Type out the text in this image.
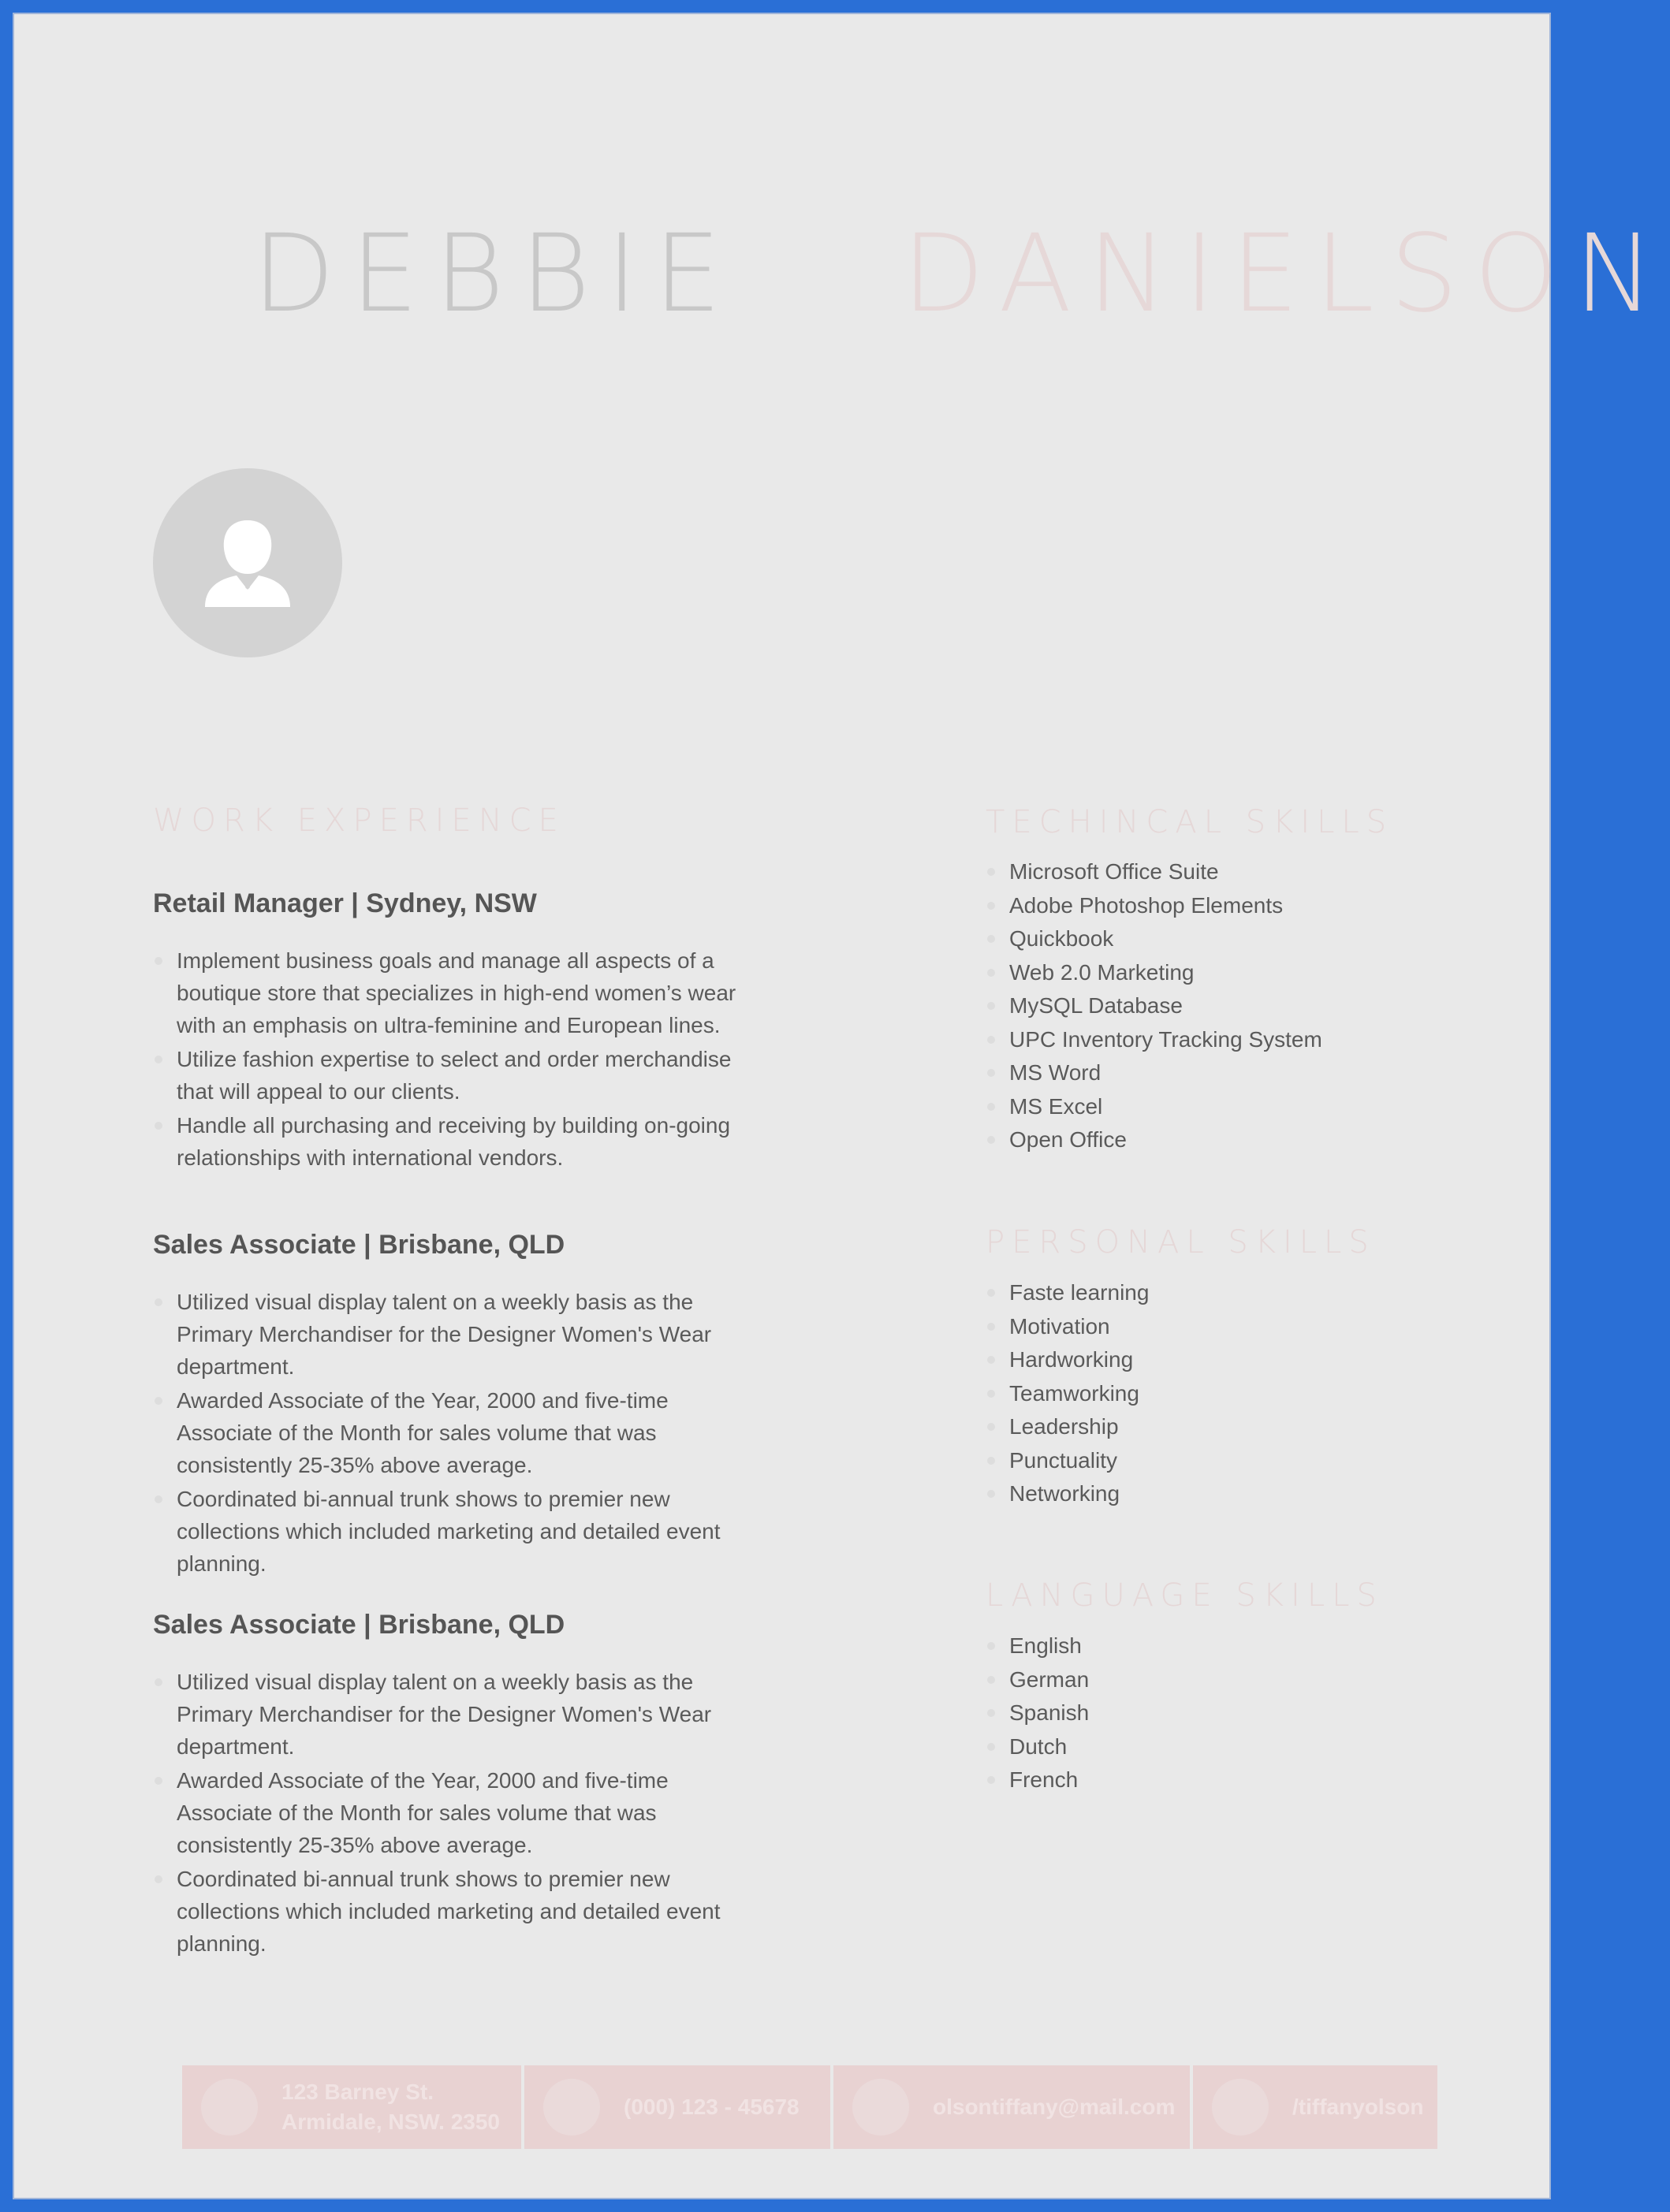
DEBBIE DANIELSON
WORK EXPERIENCE
Retail Manager | Sydney, NSW
Implement business goals and manage all aspects of a boutique store that specializes in high-end women’s wear with an emphasis on ultra-feminine and European lines.
Utilize fashion expertise to select and order merchandise that will appeal to our clients.
Handle all purchasing and receiving by building on-going relationships with international vendors.
Sales Associate | Brisbane, QLD
Utilized visual display talent on a weekly basis as the Primary Merchandiser for the Designer Women's Wear department.
Awarded Associate of the Year, 2000 and five-time Associate of the Month for sales volume that was consistently 25-35% above average.
Coordinated bi-annual trunk shows to premier new collections which included marketing and detailed event planning.
Sales Associate | Brisbane, QLD
Utilized visual display talent on a weekly basis as the Primary Merchandiser for the Designer Women's Wear department.
Awarded Associate of the Year, 2000 and five-time Associate of the Month for sales volume that was consistently 25-35% above average.
Coordinated bi-annual trunk shows to premier new collections which included marketing and detailed event planning.
TECHINCAL SKILLS
Microsoft Office Suite
Adobe Photoshop Elements
Quickbook
Web 2.0 Marketing
MySQL Database
UPC Inventory Tracking System
MS Word
MS Excel
Open Office
PERSONAL SKILLS
Faste learning
Motivation
Hardworking
Teamworking
Leadership
Punctuality
Networking
LANGUAGE SKILLS
English
German
Spanish
Dutch
French
123 Barney St.
Armidale, NSW. 2350
(000) 123 - 45678	olsontiffany@mail.com	/tiffanyolson
